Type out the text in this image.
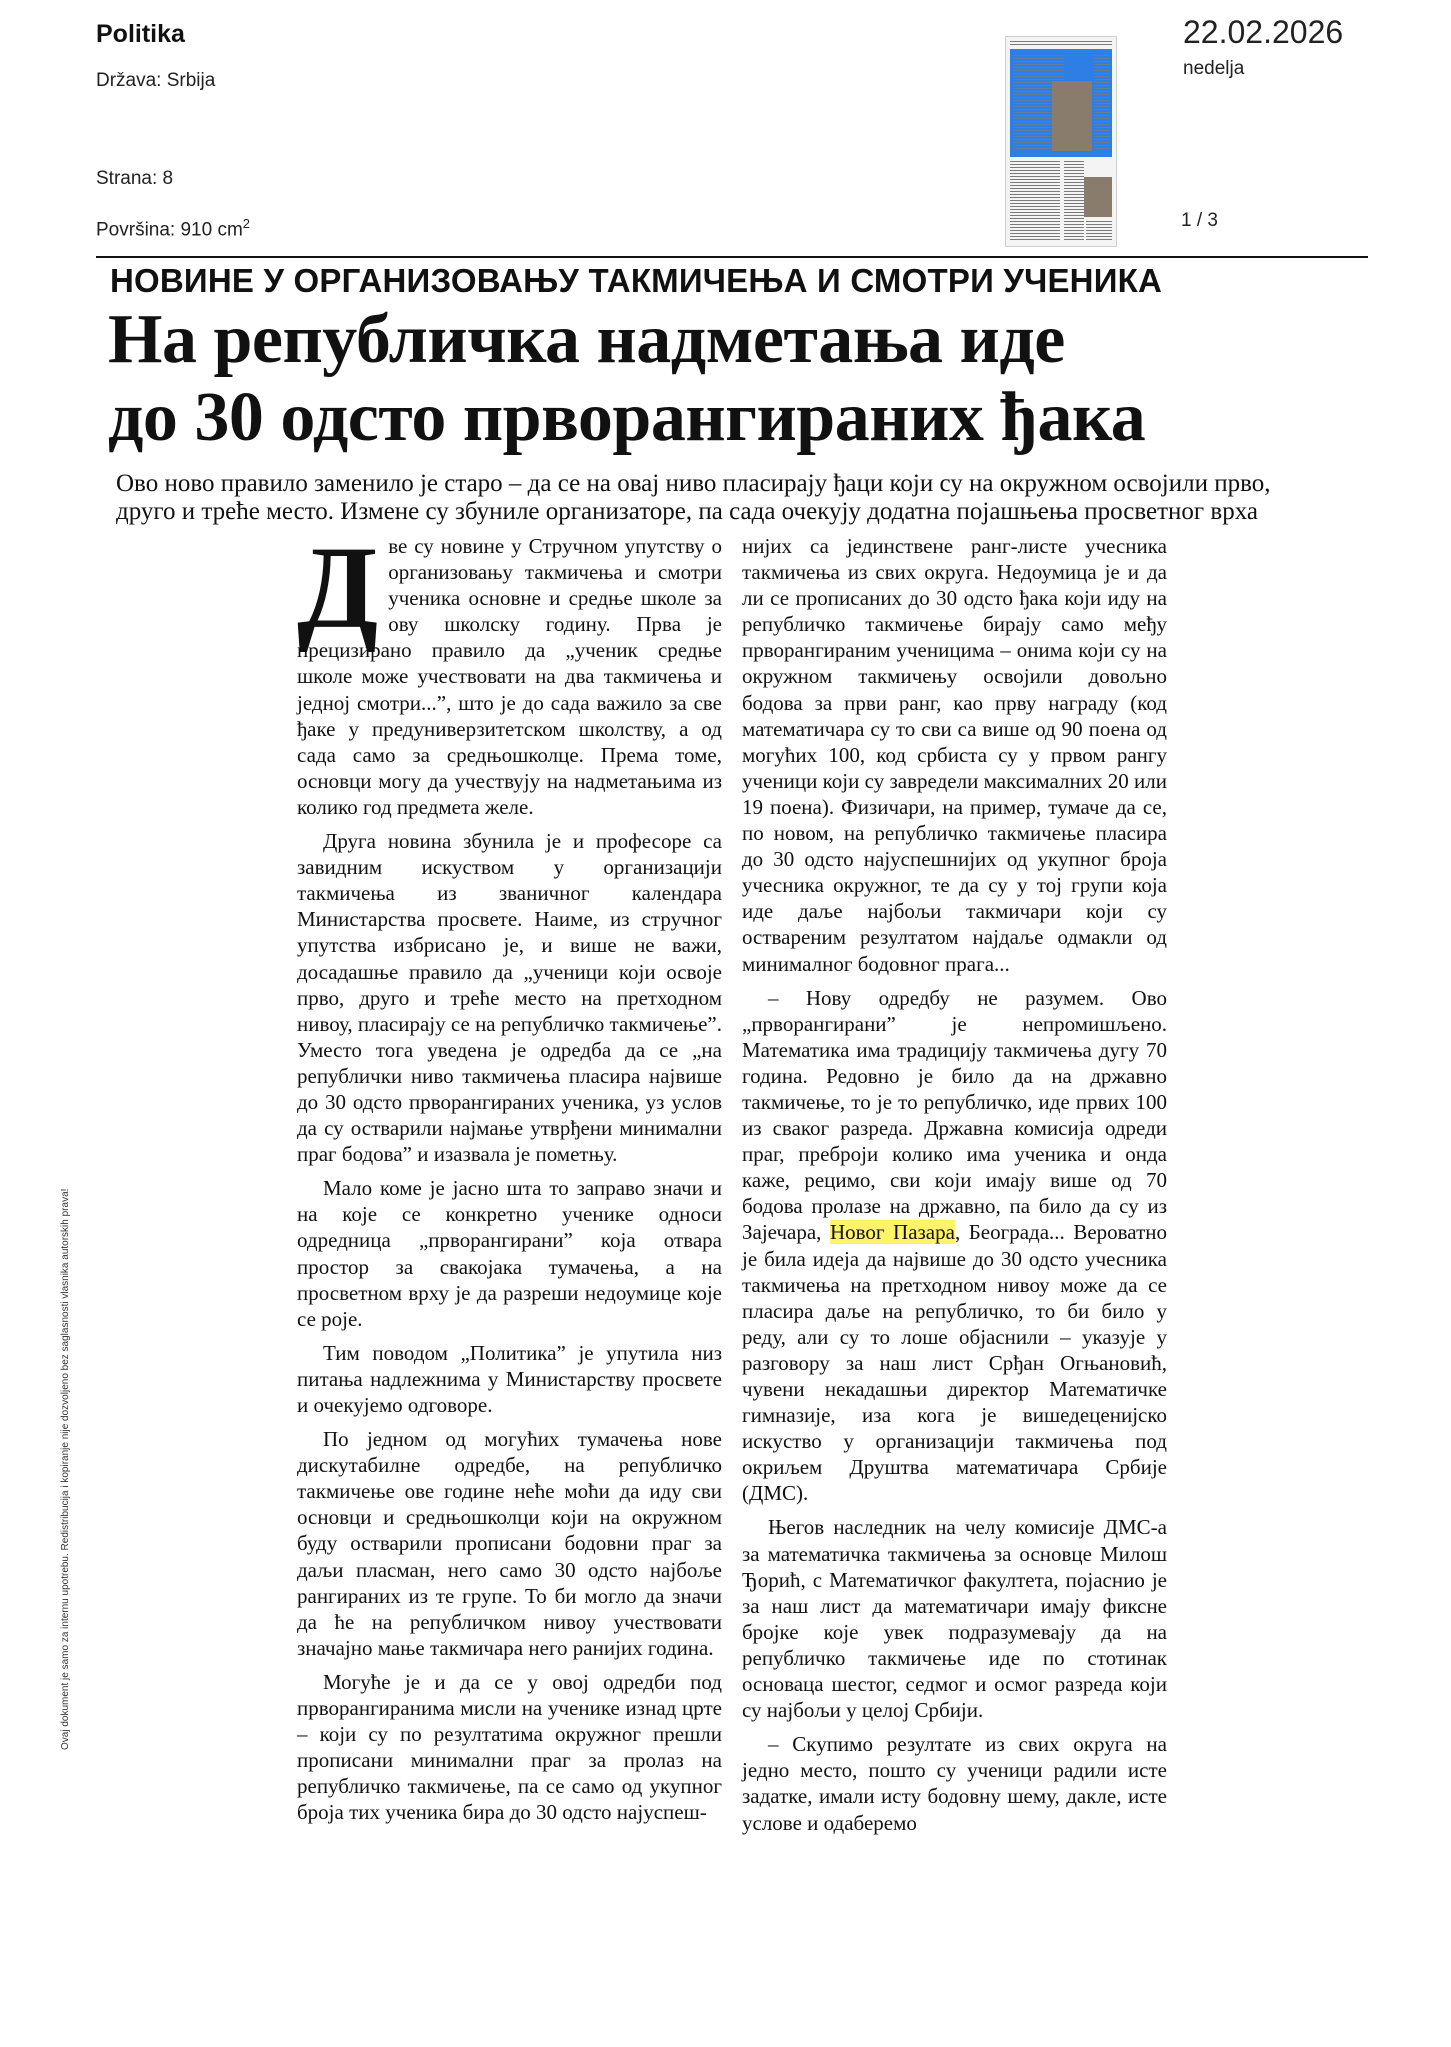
Politika
Država: Srbija
Strana: 8
Površina: 910 $cm^2$
22.02.2026
nedelja
1 / 3
НОВИНЕ У ОРГАНИЗОВАЊУ ТАКМИЧЕЊА И СМОТРИ УЧЕНИКА
На републичка надметања иде
до 30 одсто прворангираних ђака
Ово ново правило заменило је старо – да се на овај ниво пласирају ђаци који су на окружном освојили прво,
друго и треће место. Измене су збуниле организаторе, па сада очекују додатна појашњења просветног врха

Две су новине у Стручном упутству о организовању такмичења и смотри ученика основне и средње школе за ову школску годину. Прва је прецизирано правило да „ученик средње школе може учествовати на два такмичења и једној смотри...”, што је до сада важило за све ђаке у предуниверзитетском школству, а од сада само за средњошколце. Према томе, основци могу да учествују на надметањима из колико год предмета желе.

Друга новина збунила је и професоре са завидним искуством у организацији такмичења из званичног календара Министарства просвете. Наиме, из стручног упутства избрисано је, и више не важи, досадашње правило да „ученици који освоје прво, друго и треће место на претходном нивоу, пласирају се на републичко такмичење”. Уместо тога уведена је одредба да се „на републички ниво такмичења пласира највише до 30 одсто прворангираних ученика, уз услов да су остварили најмање утврђени минимални праг бодова” и изазвала је пометњу.

Мало коме је јасно шта то заправо значи и на које се конкретно ученике односи одредница „прворангирани” која отвара простор за свакојака тумачења, а на просветном врху је да разреши недоумице које се роје.

Тим поводом „Политика” је упутила низ питања надлежнима у Министарству просвете и очекујемо одговоре.

По једном од могућих тумачења нове дискутабилне одредбе, на републичко такмичење ове године неће моћи да иду сви основци и средњошколци који на окружном буду остварили прописани бодовни праг за даљи пласман, него само 30 одсто најбоље рангираних из те групе. То би могло да значи да ће на републичком нивоу учествовати значајно мање такмичара него ранијих година.

Могуће је и да се у овој одредби под прворангиранима мисли на ученике изнад црте – који су по резултатима окружног прешли прописани минимални праг за пролаз на републичко такмичење, па се само од укупног броја тих ученика бира до 30 одсто најуспеш-

нијих са јединствене ранг-листе учесника такмичења из свих округа. Недоумица је и да ли се прописаних до 30 одсто ђака који иду на републичко такмичење бирају само међу прворангираним ученицима – онима који су на окружном такмичењу освојили довољно бодова за први ранг, као прву награду (код математичара су то сви са више од 90 поена од могућих 100, код србиста су у првом рангу ученици који су завредели максималних 20 или 19 поена). Физичари, на пример, тумаче да се, по новом, на републичко такмичење пласира до 30 одсто најуспешнијих од укупног броја учесника окружног, те да су у тој групи која иде даље најбољи такмичари који су оствареним резултатом најдаље одмакли од минималног бодовног прага...

– Нову одредбу не разумем. Ово „прворангирани” је непромишљено. Математика има традицију такмичења дугу 70 година. Редовно је било да на државно такмичење, то је то републичко, иде првих 100 из сваког разреда. Државна комисија одреди праг, преброји колико има ученика и онда каже, рецимо, сви који имају више од 70 бодова пролазе на државно, па било да су из Зајечара, Новог Пазара, Београда... Вероватно је била идеја да највише до 30 одсто учесника такмичења на претходном нивоу може да се пласира даље на републичко, то би било у реду, али су то лоше објаснили – указује у разговору за наш лист Срђан Огњановић, чувени некадашњи директор Математичке гимназије, иза кога је вишедеценијско искуство у организацији такмичења под окриљем Друштва математичара Србије (ДМС).

Његов наследник на челу комисије ДМС-а за математичка такмичења за основце Милош Ђорић, с Математичког факултета, појаснио је за наш лист да математичари имају фиксне бројке које увек подразумевају да на републичко такмичење иде по стотинак основаца шестог, седмог и осмог разреда који су најбољи у целој Србији.

– Скупимо резултате из свих округа на једно место, пошто су ученици радили исте задатке, имали исту бодовну шему, дакле, исте услове и одаберемо

Ovaj dokument je samo za internu upotrebu. Redistribucija i kopiranje nije dozvoljeno bez saglasnosti vlasnika autorskih prava!
